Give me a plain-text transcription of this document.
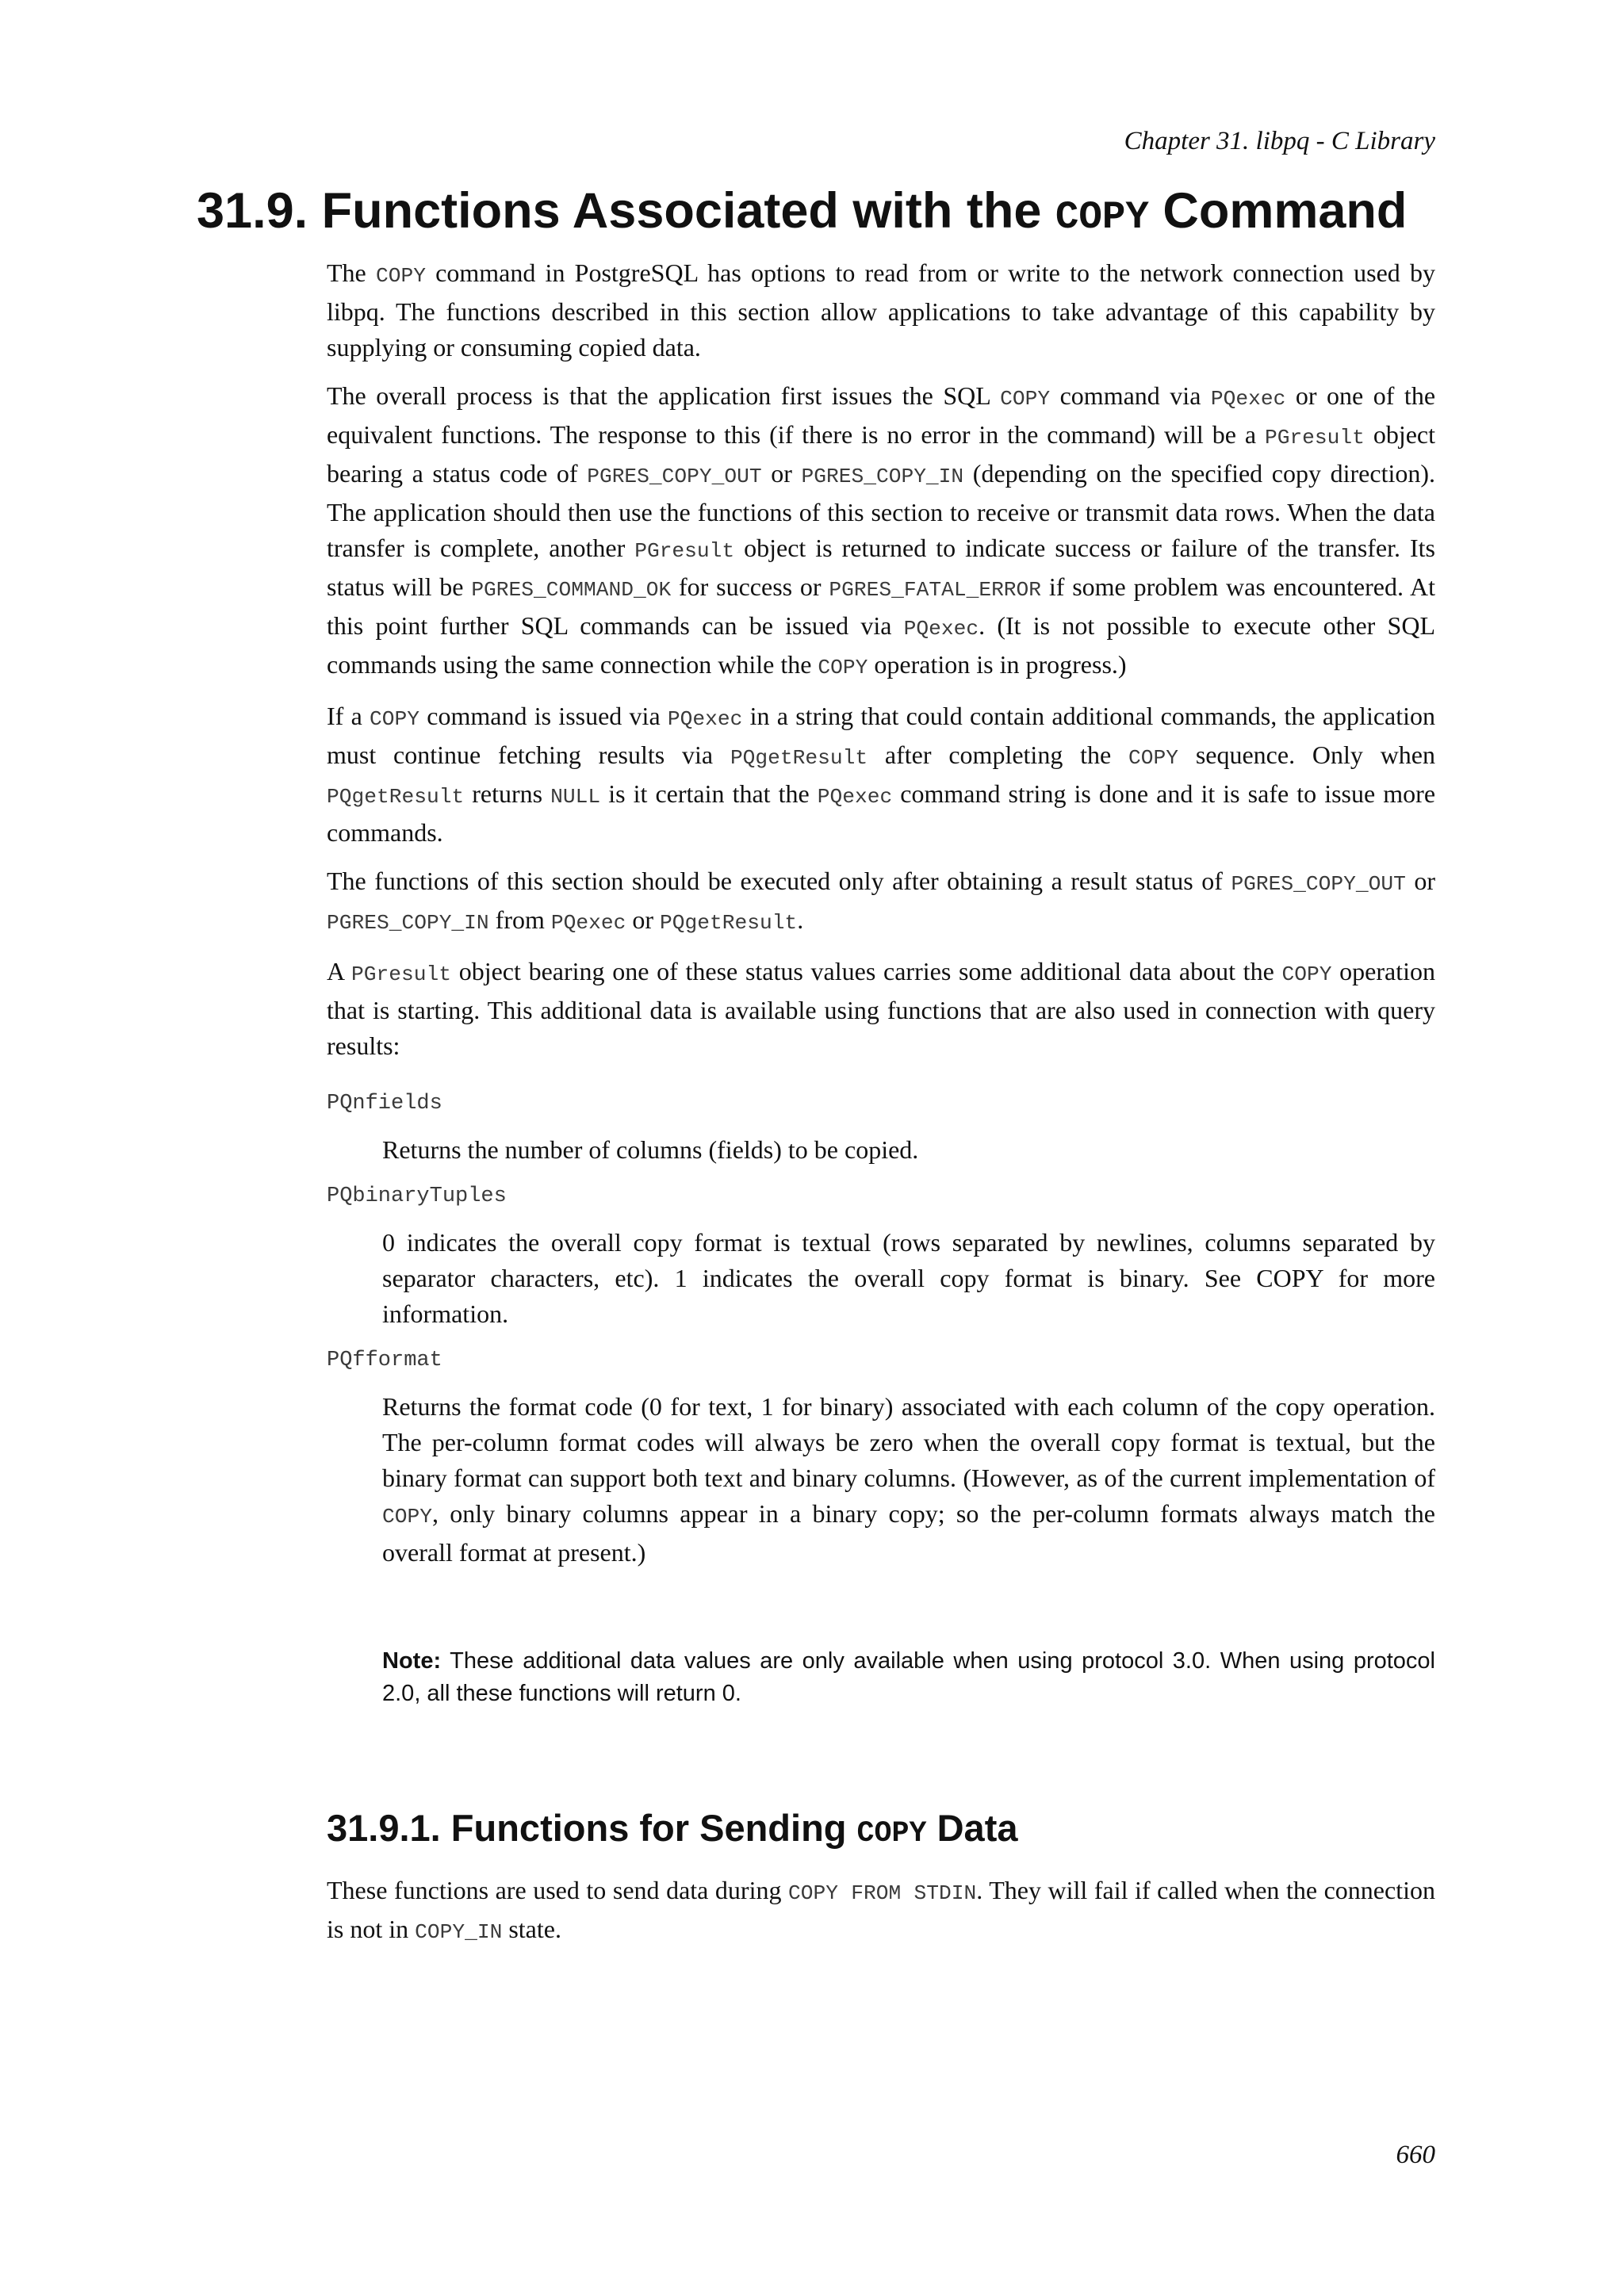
Chapter 31. libpq - C Library
31.9. Functions Associated with the COPY Command

The COPY command in PostgreSQL has options to read from or write to the network connection used by libpq. The functions described in this section allow applications to take advantage of this capability by supplying or consuming copied data.

The overall process is that the application first issues the SQL COPY command via PQexec or one of the equivalent functions. The response to this (if there is no error in the command) will be a PGresult object bearing a status code of PGRES_COPY_OUT or PGRES_COPY_IN (depending on the specified copy direction). The application should then use the functions of this section to receive or transmit data rows. When the data transfer is complete, another PGresult object is returned to indicate success or failure of the transfer. Its status will be PGRES_COMMAND_OK for success or PGRES_FATAL_ERROR if some problem was encountered. At this point further SQL commands can be issued via PQexec. (It is not possible to execute other SQL commands using the same connection while the COPY operation is in progress.)

If a COPY command is issued via PQexec in a string that could contain additional commands, the application must continue fetching results via PQgetResult after completing the COPY sequence. Only when PQgetResult returns NULL is it certain that the PQexec command string is done and it is safe to issue more commands.

The functions of this section should be executed only after obtaining a result status of PGRES_COPY_OUT or PGRES_COPY_IN from PQexec or PQgetResult.

A PGresult object bearing one of these status values carries some additional data about the COPY operation that is starting. This additional data is available using functions that are also used in connection with query results:

PQnfields

Returns the number of columns (fields) to be copied.

PQbinaryTuples

0 indicates the overall copy format is textual (rows separated by newlines, columns separated by separator characters, etc). 1 indicates the overall copy format is binary. See COPY for more information.

PQfformat

Returns the format code (0 for text, 1 for binary) associated with each column of the copy operation. The per-column format codes will always be zero when the overall copy format is textual, but the binary format can support both text and binary columns. (However, as of the current implementation of COPY, only binary columns appear in a binary copy; so the per-column formats always match the overall format at present.)

Note: These additional data values are only available when using protocol 3.0. When using protocol 2.0, all these functions will return 0.
31.9.1. Functions for Sending COPY Data

These functions are used to send data during COPY FROM STDIN. They will fail if called when the connection is not in COPY_IN state.

660
